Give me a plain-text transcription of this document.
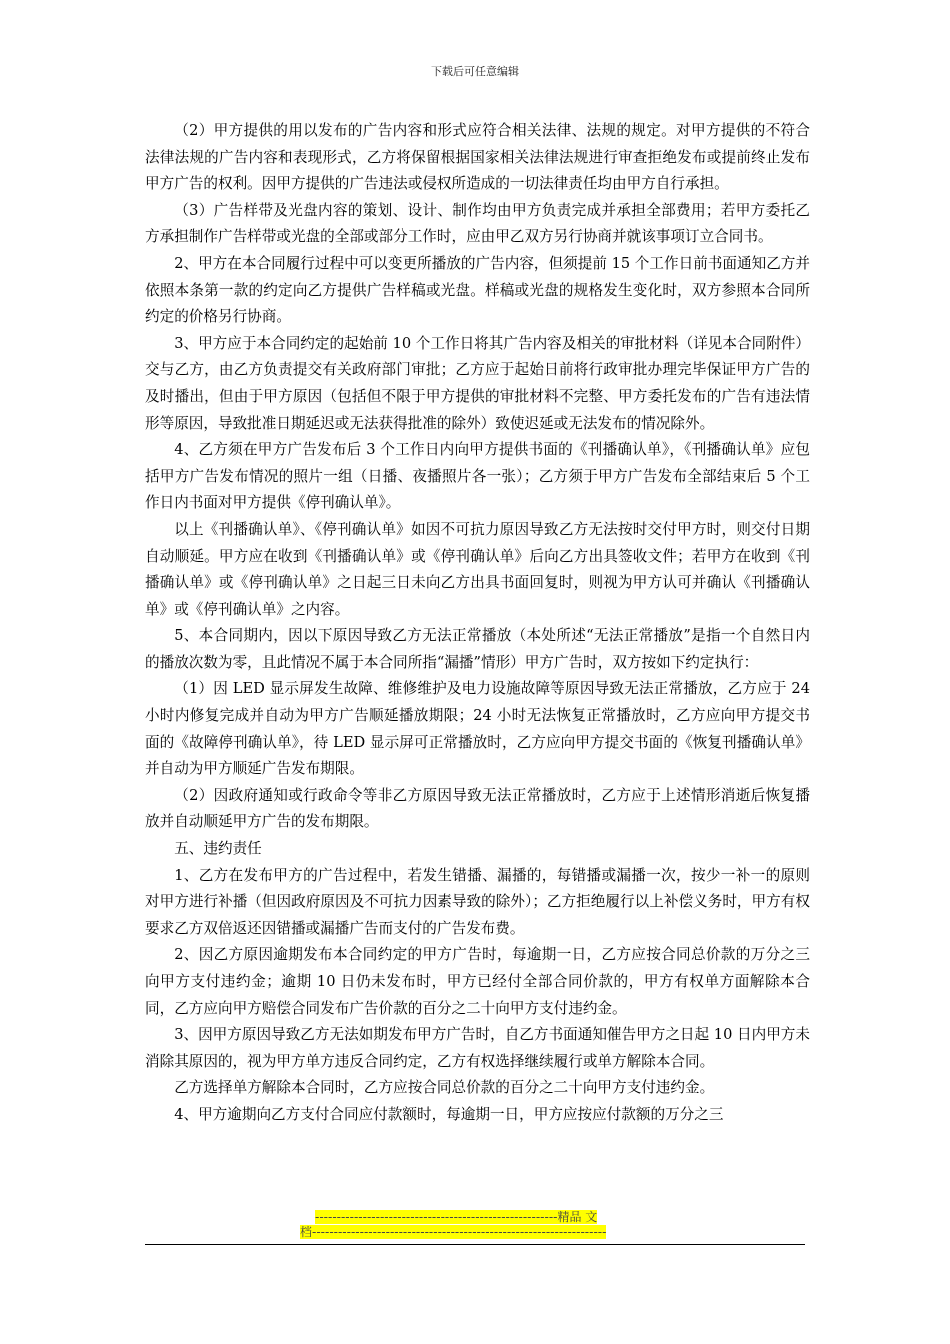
下载后可任意编辑

（2）甲方提供的用以发布的广告内容和形式应符合相关法律、法规的规定。对甲方提供的不符合法律法规的广告内容和表现形式，乙方将保留根据国家相关法律法规进行审查拒绝发布或提前终止发布甲方广告的权利。因甲方提供的广告违法或侵权所造成的一切法律责任均由甲方自行承担。

（3）广告样带及光盘内容的策划、设计、制作均由甲方负责完成并承担全部费用；若甲方委托乙方承担制作广告样带或光盘的全部或部分工作时，应由甲乙双方另行协商并就该事项订立合同书。

2、甲方在本合同履行过程中可以变更所播放的广告内容，但须提前 15 个工作日前书面通知乙方并依照本条第一款的约定向乙方提供广告样稿或光盘。样稿或光盘的规格发生变化时，双方参照本合同所约定的价格另行协商。

3、甲方应于本合同约定的起始前 10 个工作日将其广告内容及相关的审批材料（详见本合同附件）交与乙方，由乙方负责提交有关政府部门审批；乙方应于起始日前将行政审批办理完毕保证甲方广告的及时播出，但由于甲方原因（包括但不限于甲方提供的审批材料不完整、甲方委托发布的广告有违法情形等原因，导致批准日期延迟或无法获得批准的除外）致使迟延或无法发布的情况除外。

4、乙方须在甲方广告发布后 3 个工作日内向甲方提供书面的《刊播确认单》，《刊播确认单》应包括甲方广告发布情况的照片一组（日播、夜播照片各一张）；乙方须于甲方广告发布全部结束后 5 个工作日内书面对甲方提供《停刊确认单》。

以上《刊播确认单》、《停刊确认单》如因不可抗力原因导致乙方无法按时交付甲方时，则交付日期自动顺延。甲方应在收到《刊播确认单》或《停刊确认单》后向乙方出具签收文件；若甲方在收到《刊播确认单》或《停刊确认单》之日起三日未向乙方出具书面回复时，则视为甲方认可并确认《刊播确认单》或《停刊确认单》之内容。

5、本合同期内，因以下原因导致乙方无法正常播放（本处所述“无法正常播放”是指一个自然日内的播放次数为零，且此情况不属于本合同所指“漏播”情形）甲方广告时，双方按如下约定执行：

（1）因 LED 显示屏发生故障、维修维护及电力设施故障等原因导致无法正常播放，乙方应于 24 小时内修复完成并自动为甲方广告顺延播放期限；24 小时无法恢复正常播放时，乙方应向甲方提交书面的《故障停刊确认单》，待 LED 显示屏可正常播放时，乙方应向甲方提交书面的《恢复刊播确认单》并自动为甲方顺延广告发布期限。

（2）因政府通知或行政命令等非乙方原因导致无法正常播放时，乙方应于上述情形消逝后恢复播放并自动顺延甲方广告的发布期限。

五、违约责任

1、乙方在发布甲方的广告过程中，若发生错播、漏播的，每错播或漏播一次，按少一补一的原则对甲方进行补播（但因政府原因及不可抗力因素导致的除外）；乙方拒绝履行以上补偿义务时，甲方有权要求乙方双倍返还因错播或漏播广告而支付的广告发布费。

2、因乙方原因逾期发布本合同约定的甲方广告时，每逾期一日，乙方应按合同总价款的万分之三向甲方支付违约金；逾期 10 日仍未发布时，甲方已经付全部合同价款的，甲方有权单方面解除本合同，乙方应向甲方赔偿合同发布广告价款的百分之二十向甲方支付违约金。

3、因甲方原因导致乙方无法如期发布甲方广告时，自乙方书面通知催告甲方之日起 10 日内甲方未消除其原因的，视为甲方单方违反合同约定，乙方有权选择继续履行或单方解除本合同。

乙方选择单方解除本合同时，乙方应按合同总价款的百分之二十向甲方支付违约金。

4、甲方逾期向乙方支付合同应付款额时，每逾期一日，甲方应按应付款额的万分之三

--------------------------------------------------------精品 文
档--------------------------------------------------------------------
